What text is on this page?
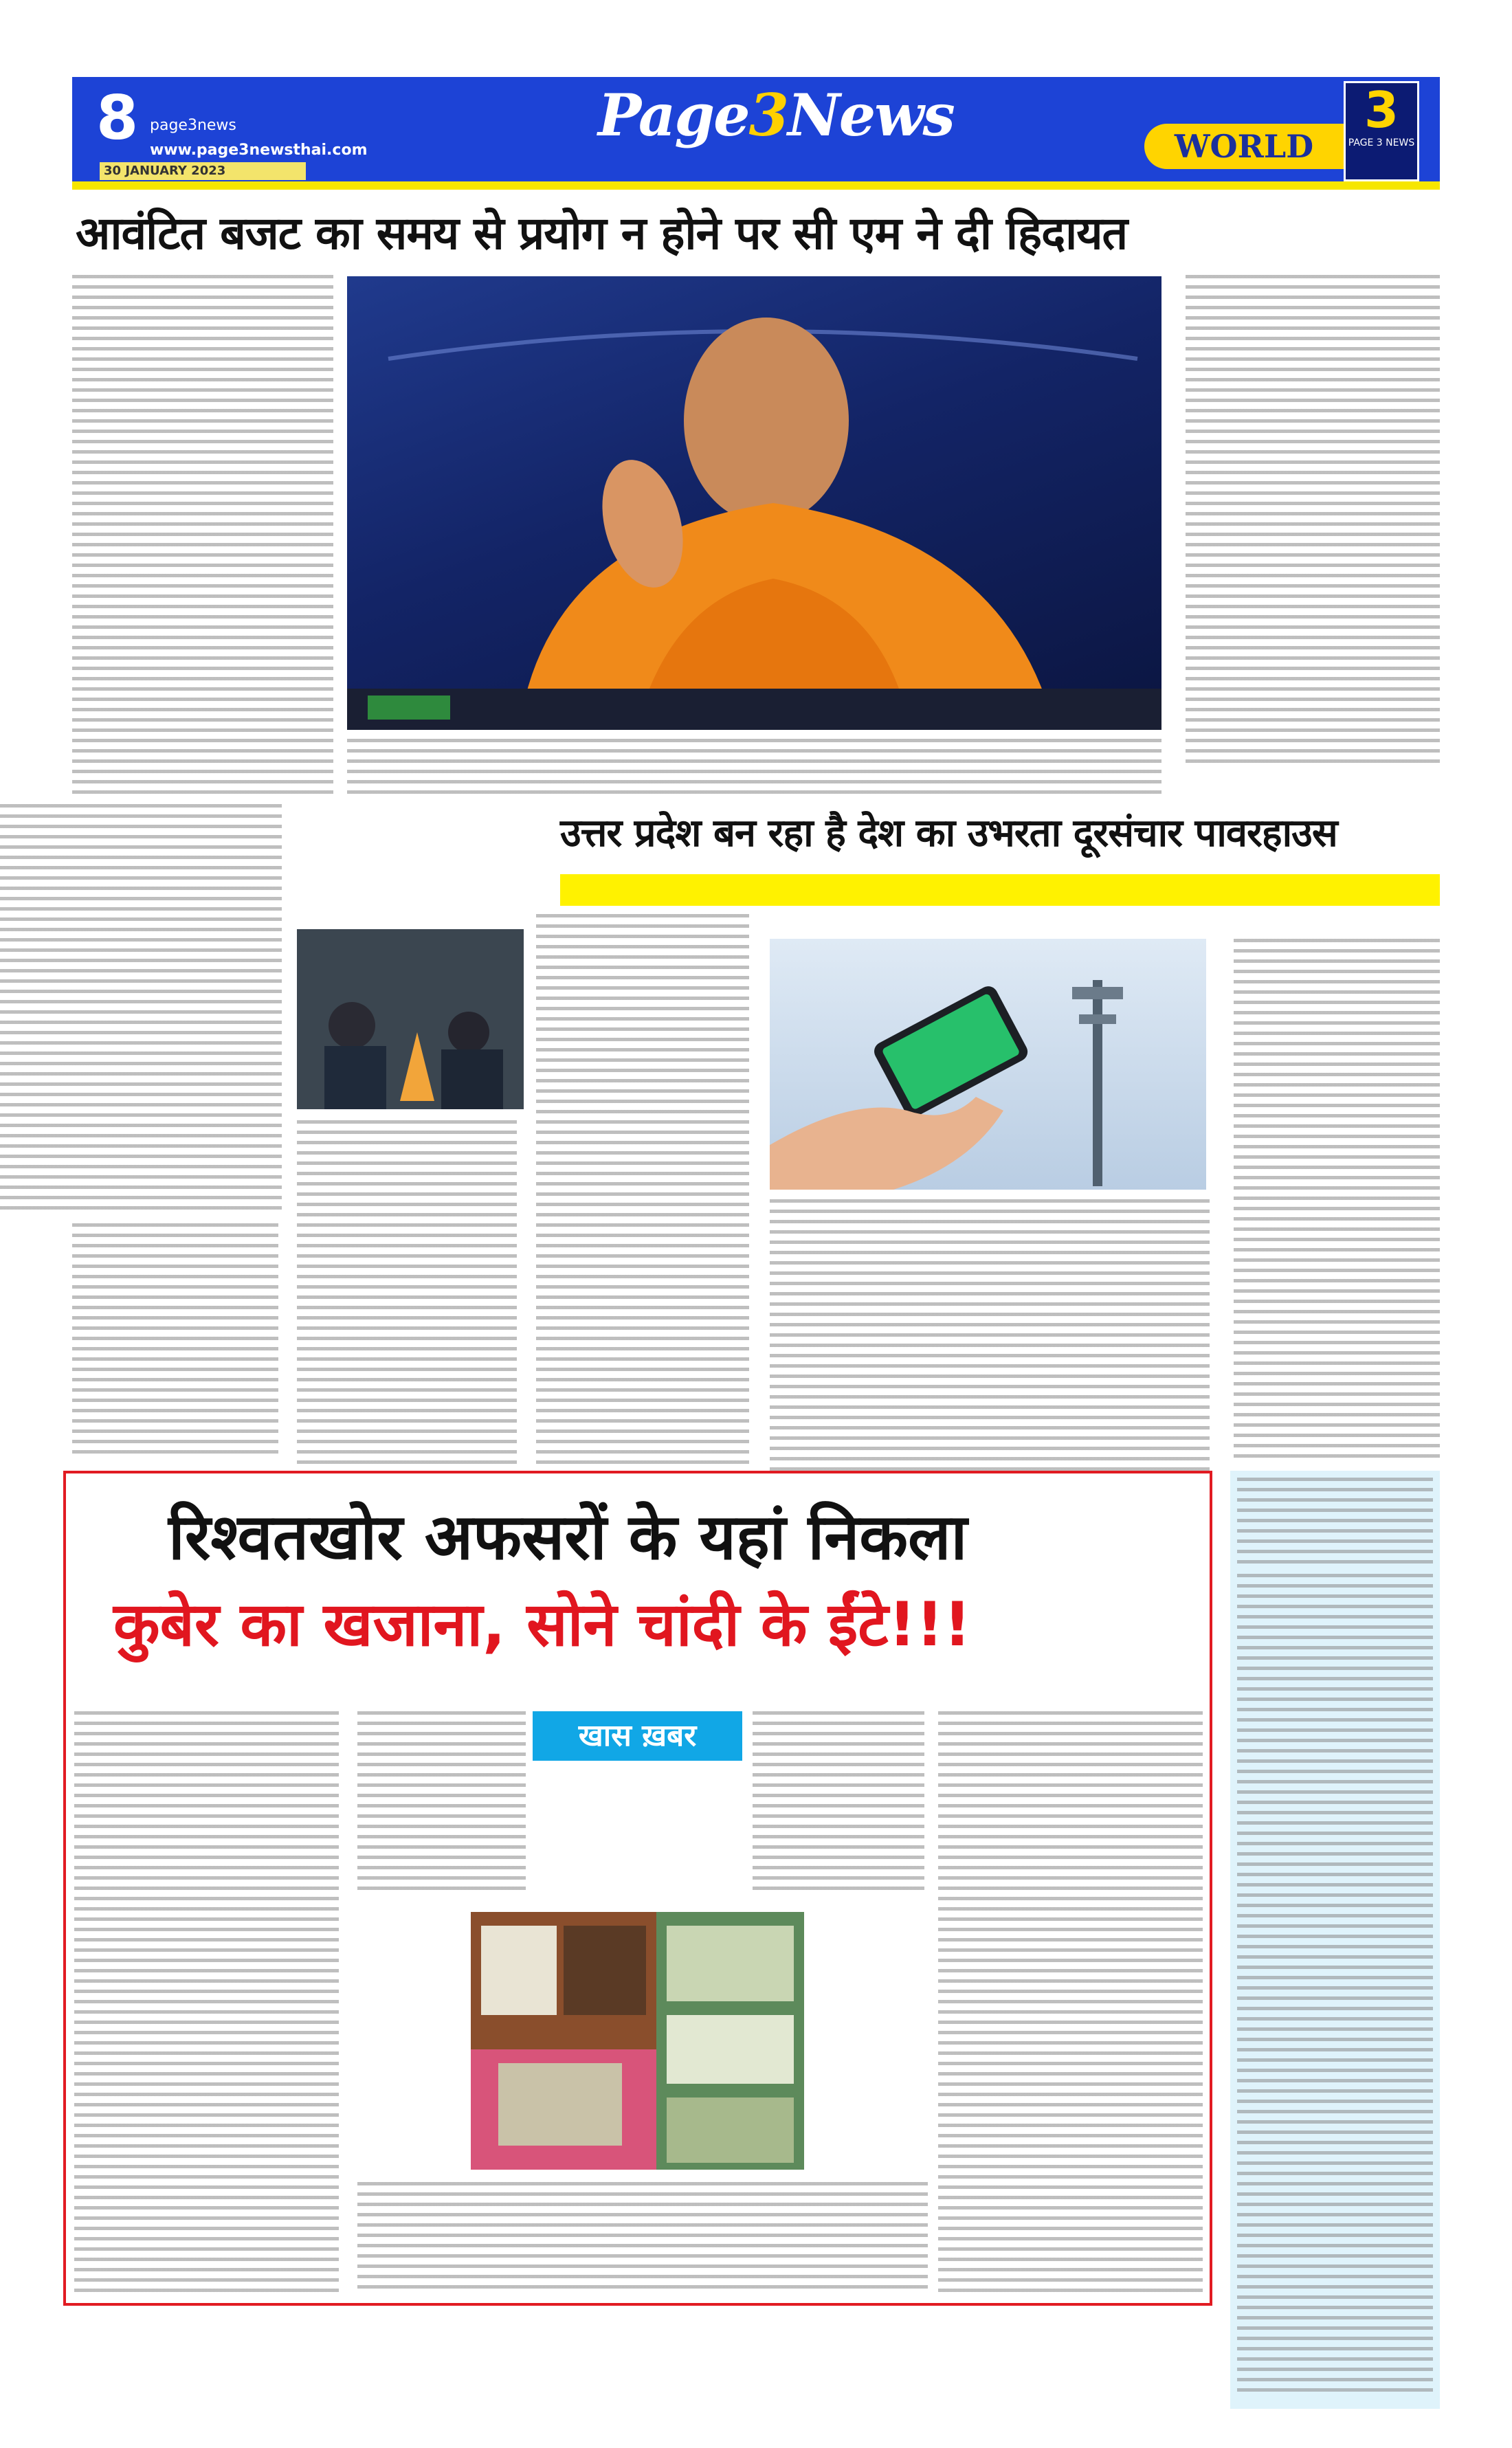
8 page3news
www.page3newsthai.com
30 JANUARY 2023
Page3News	WORLD
3
PAGE 3 NEWS
आवंटित बजट का समय से प्रयोग न होने पर सी एम ने दी हिदायत
उत्तर प्रदेश बन रहा है देश का उभरता दूरसंचार पावरहाउस
रिश्वतखोर अफसरों के यहां निकला
कुबेर का खजाना, सोने चांदी के ईंटे!!!
खास ख़बर
